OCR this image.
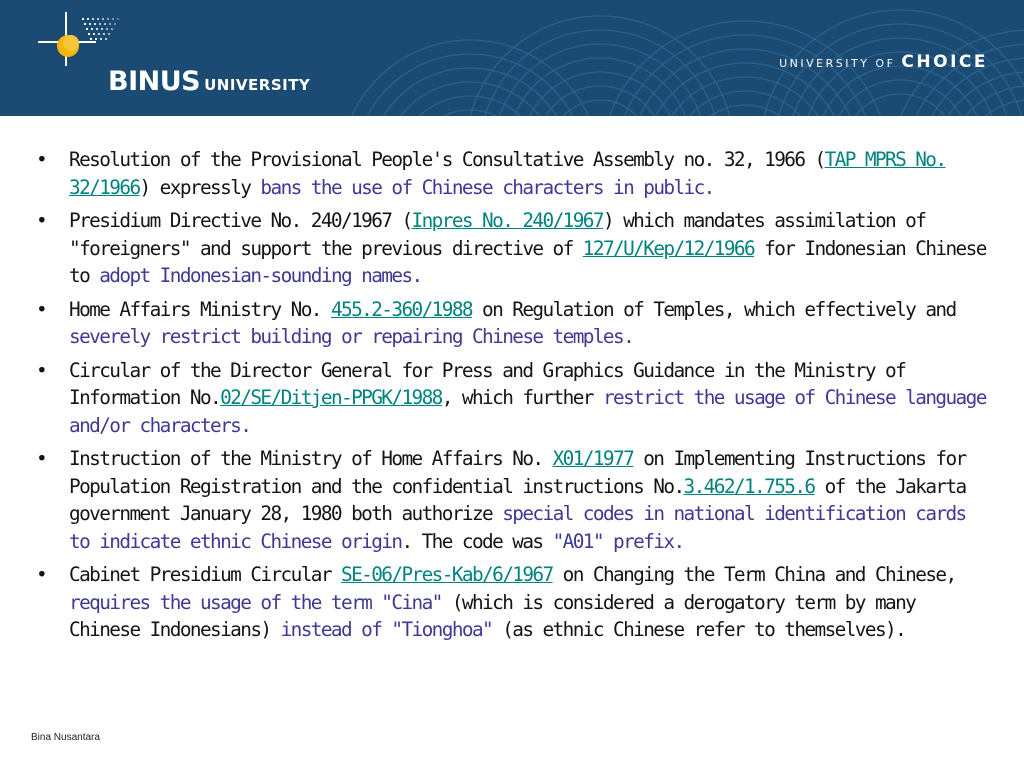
BINUS UNIVERSITY
UNIVERSITY OF CHOICE
• Resolution of the Provisional People's Consultative Assembly no. 32, 1966 (TAP MPRS No. 32/1966) expressly bans the use of Chinese characters in public.
• Presidium Directive No. 240/1967 (Inpres No. 240/1967) which mandates assimilation of "foreigners" and support the previous directive of 127/U/Kep/12/1966 for Indonesian Chinese to adopt Indonesian-sounding names.
• Home Affairs Ministry No. 455.2-360/1988 on Regulation of Temples, which effectively and severely restrict building or repairing Chinese temples.
• Circular of the Director General for Press and Graphics Guidance in the Ministry of Information No.02/SE/Ditjen-PPGK/1988, which further restrict the usage of Chinese language and/or characters.
• Instruction of the Ministry of Home Affairs No. X01/1977 on Implementing Instructions for Population Registration and the confidential instructions No.3.462/1.755.6 of the Jakarta government January 28, 1980 both authorize special codes in national identification cards to indicate ethnic Chinese origin. The code was "A01" prefix.
• Cabinet Presidium Circular SE-06/Pres-Kab/6/1967 on Changing the Term China and Chinese, requires the usage of the term "Cina" (which is considered a derogatory term by many Chinese Indonesians) instead of "Tionghoa" (as ethnic Chinese refer to themselves).
Bina Nusantara
